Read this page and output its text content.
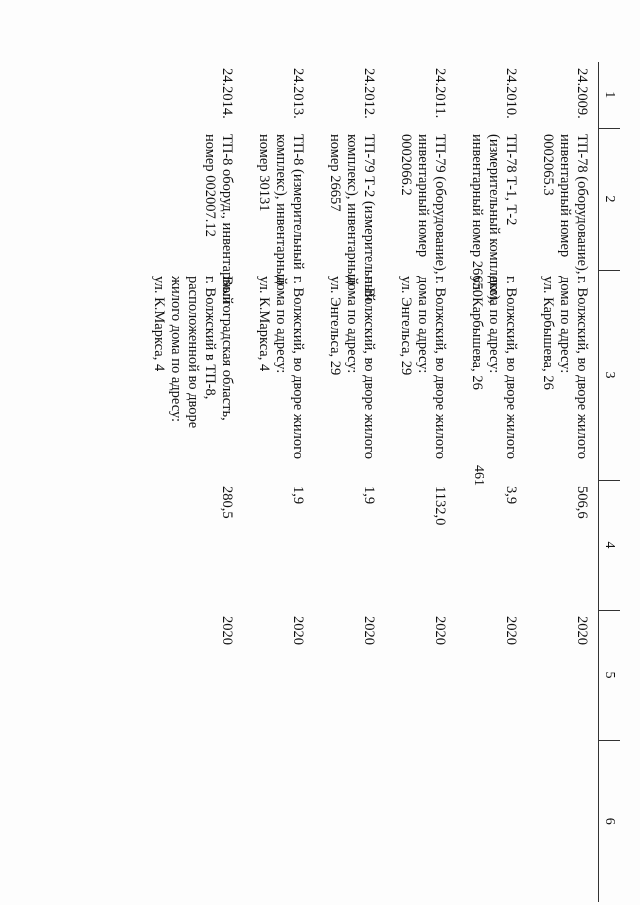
1	2	3	4	5	6
24.2009.	ТП-78 (оборудование),
инвентарный номер
0002065.3	г. Волжский, во дворе жилого
дома по адресу:
ул. Карбышева, 26	506,6	2020	
24.2010.	ТП-78 Т-1, Т-2
(измерительный комплекс),
инвентарный номер 26650	г. Волжский, во дворе жилого
дома по адресу:
ул. Карбышева, 26	3,9	2020	
24.2011.	ТП-79 (оборудование),
инвентарный номер
0002066.2	г. Волжский, во дворе жилого
дома по адресу:
ул. Энгельса, 29	1132,0	2020	
24.2012.	ТП-79 Т-2 (измерительный
комплекс), инвентарный
номер 26657	г. Волжский, во дворе жилого
дома по адресу:
ул. Энгельса, 29	1,9	2020	
24.2013.	ТП-8 (измерительный
комплекс), инвентарный
номер 30131	г. Волжский, во дворе жилого
дома по адресу:
ул. К.Маркса, 4	1,9	2020	
24.2014.	ТП-8 оборуд., инвентарный
номер 002007.12	Волгоградская область,
г. Волжский в ТП-8,
расположенной во дворе
жилого дома по адресу:
ул. К.Маркса, 4	280,5	2020	
461
